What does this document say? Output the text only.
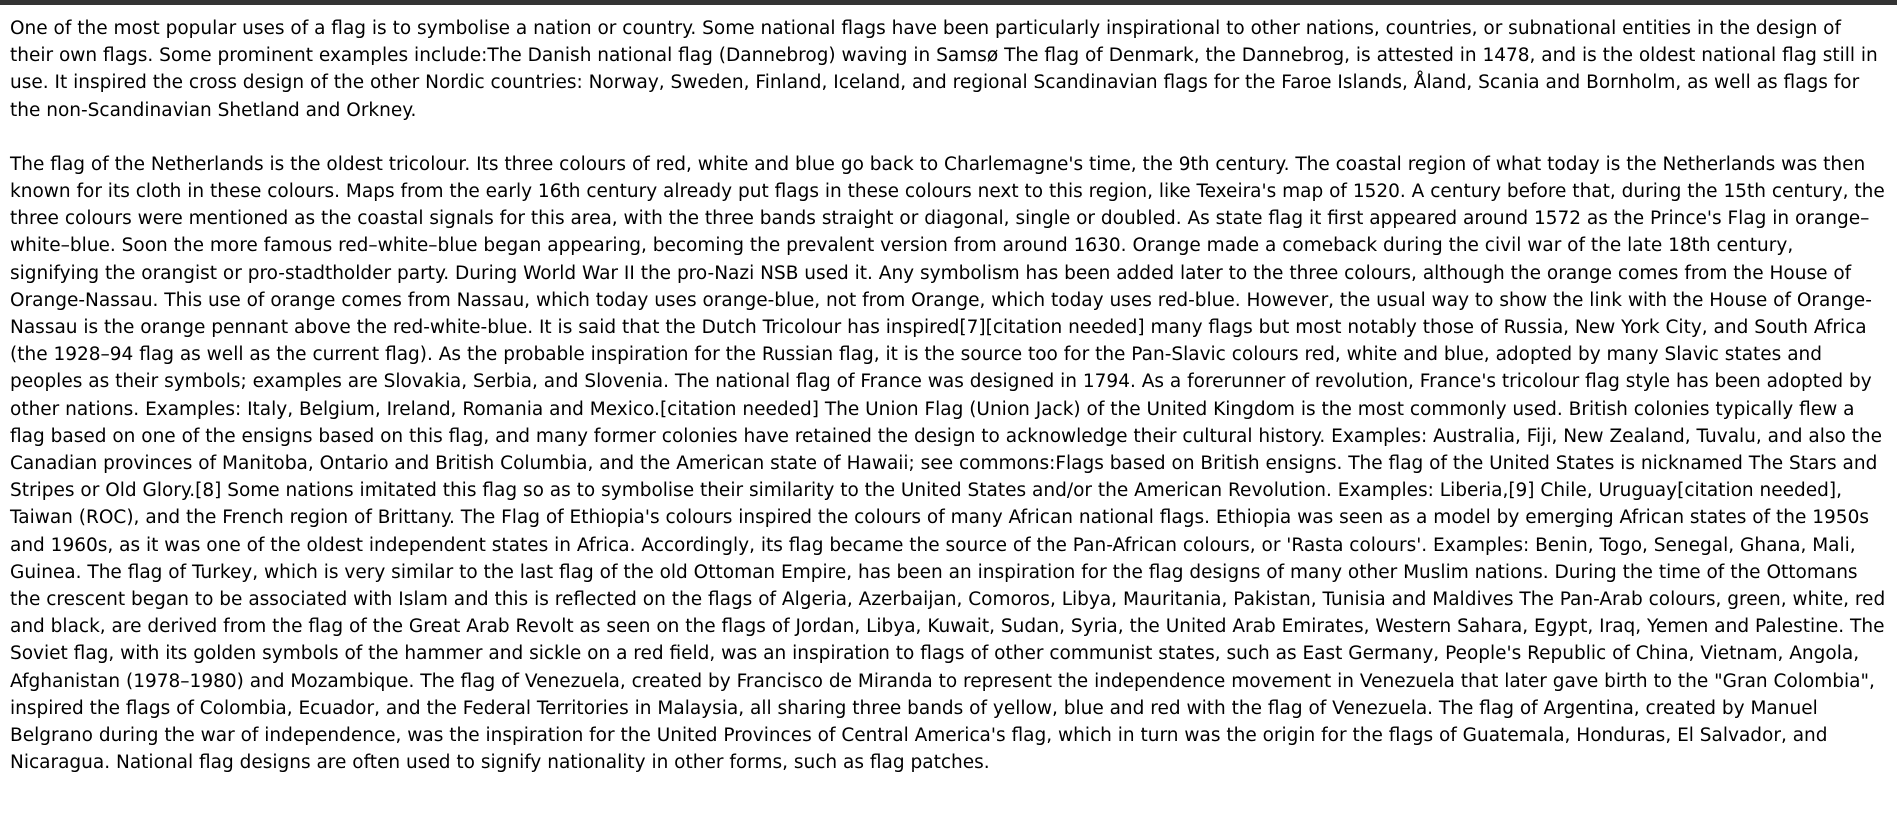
One of the most popular uses of a flag is to symbolise a nation or country. Some national flags have been particularly inspirational to other nations, countries, or subnational entities in the design of their own flags. Some prominent examples include:The Danish national flag (Dannebrog) waving in Samsø The flag of Denmark, the Dannebrog, is attested in 1478, and is the oldest national flag still in use. It inspired the cross design of the other Nordic countries: Norway, Sweden, Finland, Iceland, and regional Scandinavian flags for the Faroe Islands, Åland, Scania and Bornholm, as well as flags for the non-Scandinavian Shetland and Orkney.

The flag of the Netherlands is the oldest tricolour. Its three colours of red, white and blue go back to Charlemagne's time, the 9th century. The coastal region of what today is the Netherlands was then known for its cloth in these colours. Maps from the early 16th century already put flags in these colours next to this region, like Texeira's map of 1520. A century before that, during the 15th century, the three colours were mentioned as the coastal signals for this area, with the three bands straight or diagonal, single or doubled. As state flag it first appeared around 1572 as the Prince's Flag in orange–white–blue. Soon the more famous red–white–blue began appearing, becoming the prevalent version from around 1630. Orange made a comeback during the civil war of the late 18th century, signifying the orangist or pro-stadtholder party. During World War II the pro-Nazi NSB used it. Any symbolism has been added later to the three colours, although the orange comes from the House of Orange-Nassau. This use of orange comes from Nassau, which today uses orange-blue, not from Orange, which today uses red-blue. However, the usual way to show the link with the House of Orange-Nassau is the orange pennant above the red-white-blue. It is said that the Dutch Tricolour has inspired[7][citation needed] many flags but most notably those of Russia, New York City, and South Africa (the 1928–94 flag as well as the current flag). As the probable inspiration for the Russian flag, it is the source too for the Pan-Slavic colours red, white and blue, adopted by many Slavic states and peoples as their symbols; examples are Slovakia, Serbia, and Slovenia. The national flag of France was designed in 1794. As a forerunner of revolution, France's tricolour flag style has been adopted by other nations. Examples: Italy, Belgium, Ireland, Romania and Mexico.[citation needed] The Union Flag (Union Jack) of the United Kingdom is the most commonly used. British colonies typically flew a flag based on one of the ensigns based on this flag, and many former colonies have retained the design to acknowledge their cultural history. Examples: Australia, Fiji, New Zealand, Tuvalu, and also the Canadian provinces of Manitoba, Ontario and British Columbia, and the American state of Hawaii; see commons:Flags based on British ensigns. The flag of the United States is nicknamed The Stars and Stripes or Old Glory.[8] Some nations imitated this flag so as to symbolise their similarity to the United States and/or the American Revolution. Examples: Liberia,[9] Chile, Uruguay[citation needed], Taiwan (ROC), and the French region of Brittany. The Flag of Ethiopia's colours inspired the colours of many African national flags. Ethiopia was seen as a model by emerging African states of the 1950s and 1960s, as it was one of the oldest independent states in Africa. Accordingly, its flag became the source of the Pan-African colours, or 'Rasta colours'. Examples: Benin, Togo, Senegal, Ghana, Mali, Guinea. The flag of Turkey, which is very similar to the last flag of the old Ottoman Empire, has been an inspiration for the flag designs of many other Muslim nations. During the time of the Ottomans the crescent began to be associated with Islam and this is reflected on the flags of Algeria, Azerbaijan, Comoros, Libya, Mauritania, Pakistan, Tunisia and Maldives The Pan-Arab colours, green, white, red and black, are derived from the flag of the Great Arab Revolt as seen on the flags of Jordan, Libya, Kuwait, Sudan, Syria, the United Arab Emirates, Western Sahara, Egypt, Iraq, Yemen and Palestine. The Soviet flag, with its golden symbols of the hammer and sickle on a red field, was an inspiration to flags of other communist states, such as East Germany, People's Republic of China, Vietnam, Angola, Afghanistan (1978–1980) and Mozambique. The flag of Venezuela, created by Francisco de Miranda to represent the independence movement in Venezuela that later gave birth to the "Gran Colombia", inspired the flags of Colombia, Ecuador, and the Federal Territories in Malaysia, all sharing three bands of yellow, blue and red with the flag of Venezuela. The flag of Argentina, created by Manuel Belgrano during the war of independence, was the inspiration for the United Provinces of Central America's flag, which in turn was the origin for the flags of Guatemala, Honduras, El Salvador, and Nicaragua. National flag designs are often used to signify nationality in other forms, such as flag patches.
